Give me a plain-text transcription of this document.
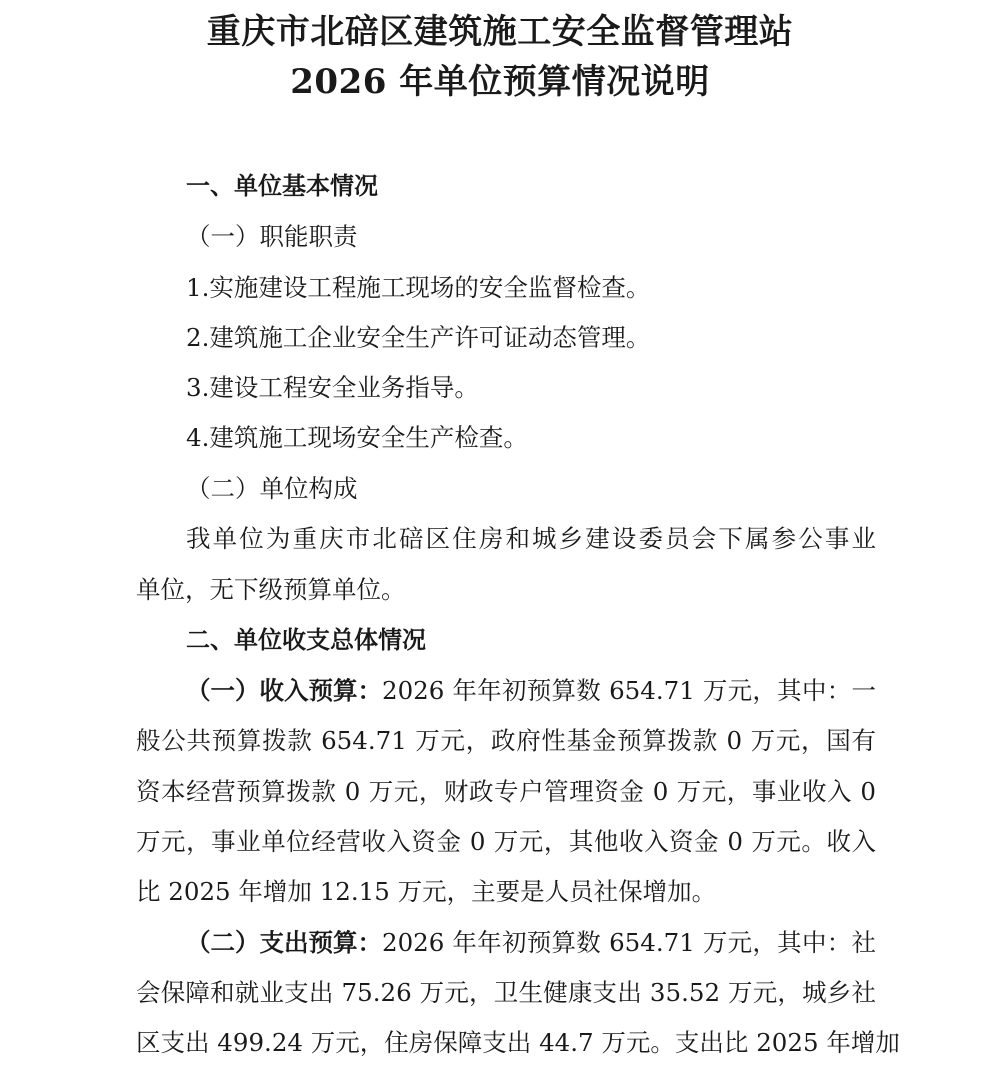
重庆市北碚区建筑施工安全监督管理站
2026 年单位预算情况说明
一、单位基本情况
（一）职能职责
1.实施建设工程施工现场的安全监督检查。
2.建筑施工企业安全生产许可证动态管理。
3.建设工程安全业务指导。
4.建筑施工现场安全生产检查。
（二）单位构成
我单位为重庆市北碚区住房和城乡建设委员会下属参公事业
单位，无下级预算单位。
二、单位收支总体情况
（一）收入预算： 2026 年年初预算数 654.71 万元，其中：一
般公共预算拨款 654.71 万元，政府性基金预算拨款 0 万元，国有
资本经营预算拨款 0 万元，财政专户管理资金 0 万元，事业收入 0
万元，事业单位经营收入资金 0 万元，其他收入资金 0 万元。收入
比 2025 年增加 12.15 万元，主要是人员社保增加。
（二）支出预算： 2026 年年初预算数 654.71 万元，其中：社
会保障和就业支出 75.26 万元，卫生健康支出 35.52 万元，城乡社
区支出 499.24 万元，住房保障支出 44.7 万元。支出比 2025 年增加
